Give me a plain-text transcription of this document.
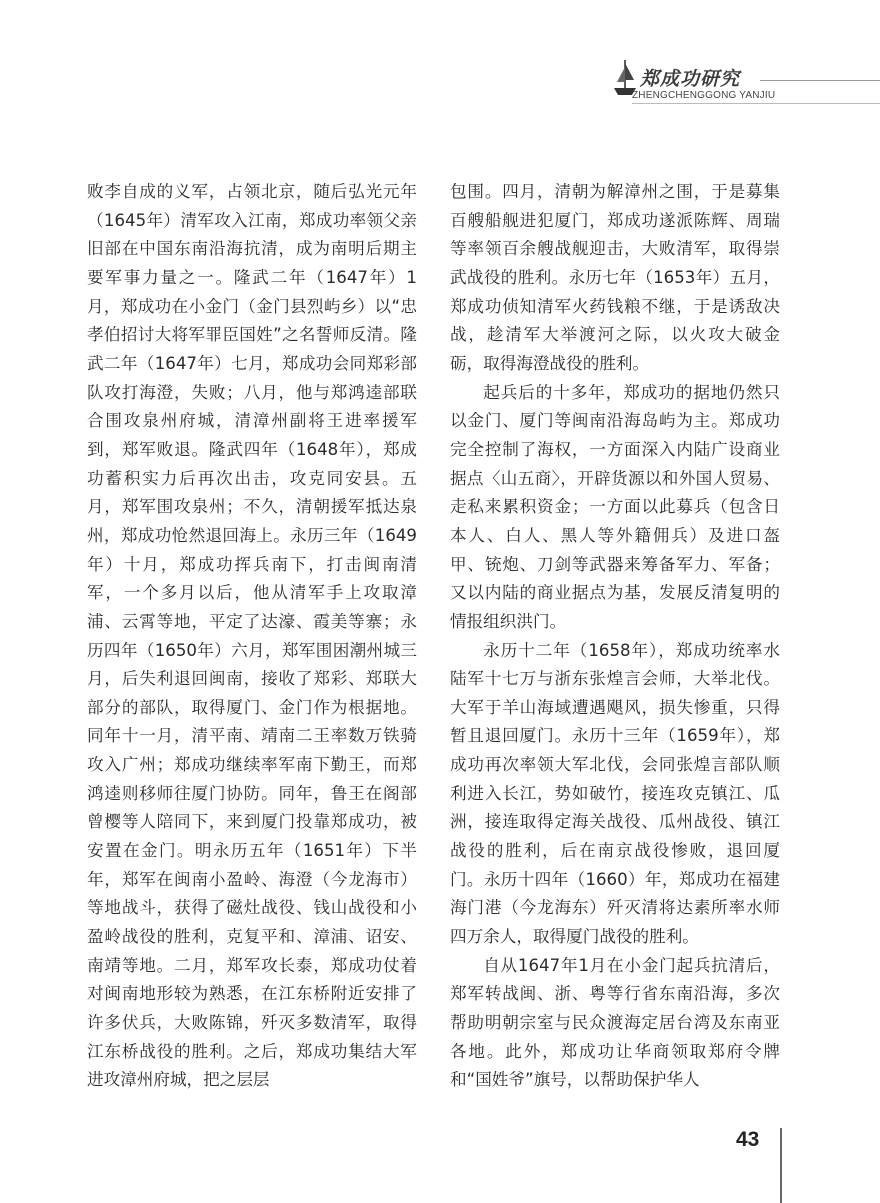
郑成功研究
ZHENGCHENGGONG YANJIU

败李自成的义军，占领北京，随后弘光元年（1645年）清军攻入江南，郑成功率领父亲旧部在中国东南沿海抗清，成为南明后期主要军事力量之一。隆武二年（1647年）1月，郑成功在小金门（金门县烈屿乡）以“忠孝伯招讨大将军罪臣国姓”之名誓师反清。隆武二年（1647年）七月，郑成功会同郑彩部队攻打海澄，失败；八月，他与郑鸿逵部联合围攻泉州府城，清漳州副将王进率援军到，郑军败退。隆武四年（1648年），郑成功蓄积实力后再次出击，攻克同安县。五月，郑军围攻泉州；不久，清朝援军抵达泉州，郑成功怆然退回海上。永历三年（1649年）十月，郑成功挥兵南下，打击闽南清军，一个多月以后，他从清军手上攻取漳浦、云霄等地，平定了达濠、霞美等寨；永历四年（1650年）六月，郑军围困潮州城三月，后失利退回闽南，接收了郑彩、郑联大部分的部队，取得厦门、金门作为根据地。同年十一月，清平南、靖南二王率数万铁骑攻入广州；郑成功继续率军南下勤王，而郑鸿逵则移师往厦门协防。同年，鲁王在阁部曾樱等人陪同下，来到厦门投靠郑成功，被安置在金门。明永历五年（1651年）下半年，郑军在闽南小盈岭、海澄（今龙海市）等地战斗，获得了磁灶战役、钱山战役和小盈岭战役的胜利，克复平和、漳浦、诏安、南靖等地。二月，郑军攻长泰，郑成功仗着对闽南地形较为熟悉，在江东桥附近安排了许多伏兵，大败陈锦，歼灭多数清军，取得江东桥战役的胜利。之后，郑成功集结大军进攻漳州府城，把之层层

包围。四月，清朝为解漳州之围，于是募集百艘船舰进犯厦门，郑成功遂派陈辉、周瑞等率领百余艘战舰迎击，大败清军，取得崇武战役的胜利。永历七年（1653年）五月，郑成功侦知清军火药钱粮不继，于是诱敌决战，趁清军大举渡河之际，以火攻大破金砺，取得海澄战役的胜利。

起兵后的十多年，郑成功的据地仍然只以金门、厦门等闽南沿海岛屿为主。郑成功完全控制了海权，一方面深入内陆广设商业据点〈山五商〉，开辟货源以和外国人贸易、走私来累积资金；一方面以此募兵（包含日本人、白人、黑人等外籍佣兵）及进口盔甲、铳炮、刀剑等武器来筹备军力、军备；又以内陆的商业据点为基，发展反清复明的情报组织洪门。

永历十二年（1658年），郑成功统率水陆军十七万与浙东张煌言会师，大举北伐。大军于羊山海域遭遇飓风，损失惨重，只得暂且退回厦门。永历十三年（1659年），郑成功再次率领大军北伐，会同张煌言部队顺利进入长江，势如破竹，接连攻克镇江、瓜洲，接连取得定海关战役、瓜州战役、镇江战役的胜利，后在南京战役惨败，退回厦门。永历十四年（1660）年，郑成功在福建海门港（今龙海东）歼灭清将达素所率水师四万余人，取得厦门战役的胜利。

自从1647年1月在小金门起兵抗清后，郑军转战闽、浙、粤等行省东南沿海，多次帮助明朝宗室与民众渡海定居台湾及东南亚各地。此外，郑成功让华商领取郑府令牌和“国姓爷”旗号，以帮助保护华人

43
